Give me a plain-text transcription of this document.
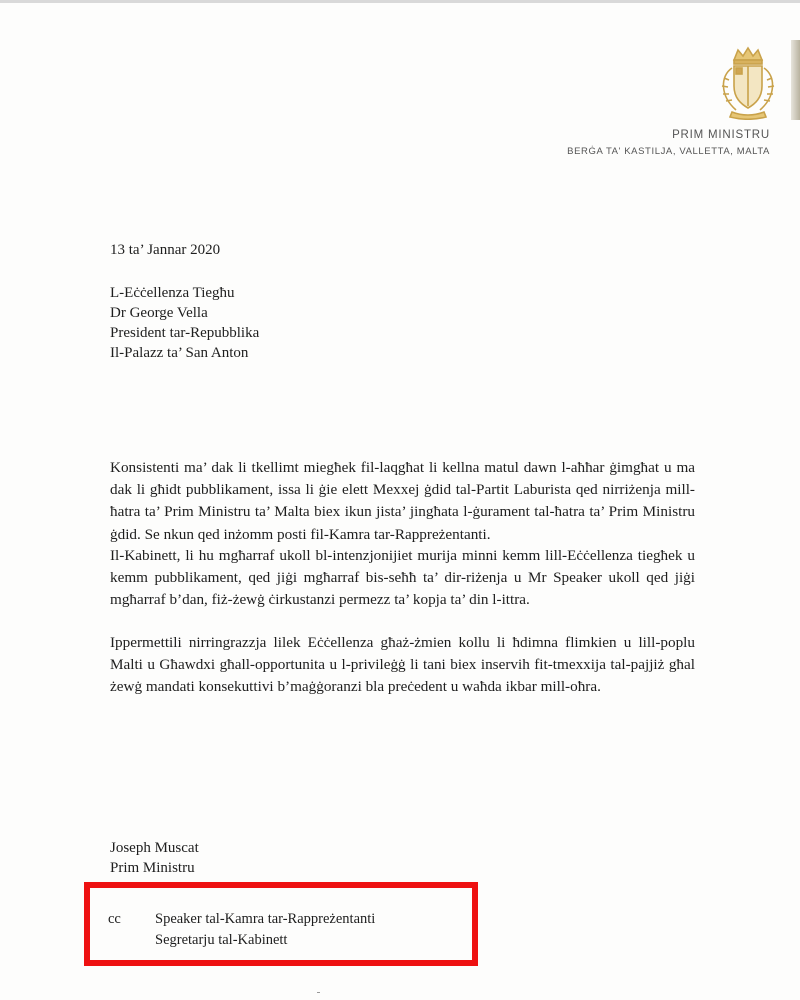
PRIM MINISTRU
BERĠA TA' KASTILJA, VALLETTA, MALTA
13 ta’ Jannar 2020
L-Eċċellenza Tiegħu
Dr George Vella
President tar-Repubblika
Il-Palazz ta’ San Anton
Konsistenti ma’ dak li tkellimt miegħek fil-laqgħat li kellna matul dawn l-aħħar ġimgħat u ma dak li għidt pubblikament, issa li ġie elett Mexxej ġdid tal-Partit Laburista qed nirriżenja mill-ħatra ta’ Prim Ministru ta’ Malta biex ikun jista’ jingħata l-ġurament tal-ħatra ta’ Prim Ministru ġdid. Se nkun qed inżomm posti fil-Kamra tar-Rappreżentanti.
Il-Kabinett, li hu mgħarraf ukoll bl-intenzjonijiet murija minni kemm lill-Eċċellenza tiegħek u kemm pubblikament, qed jiġi mgħarraf bis-seħħ ta’ dir-riżenja u Mr Speaker ukoll qed jiġi mgħarraf b’dan, fiż-żewġ ċirkustanzi permezz ta’ kopja ta’ din l-ittra.
Ippermettili nirringrazzja lilek Eċċellenza għaż-żmien kollu li ħdimna flimkien u lill-poplu Malti u Għawdxi għall-opportunita u l-privileġġ li tani biex inservih fit-tmexxija tal-pajjiż għal żewġ mandati konsekuttivi b’maġġoranzi bla preċedent u waħda ikbar mill-oħra.
Joseph Muscat
Prim Ministru
cc Speaker tal-Kamra tar-Rappreżentanti
Segretarju tal-Kabinett
